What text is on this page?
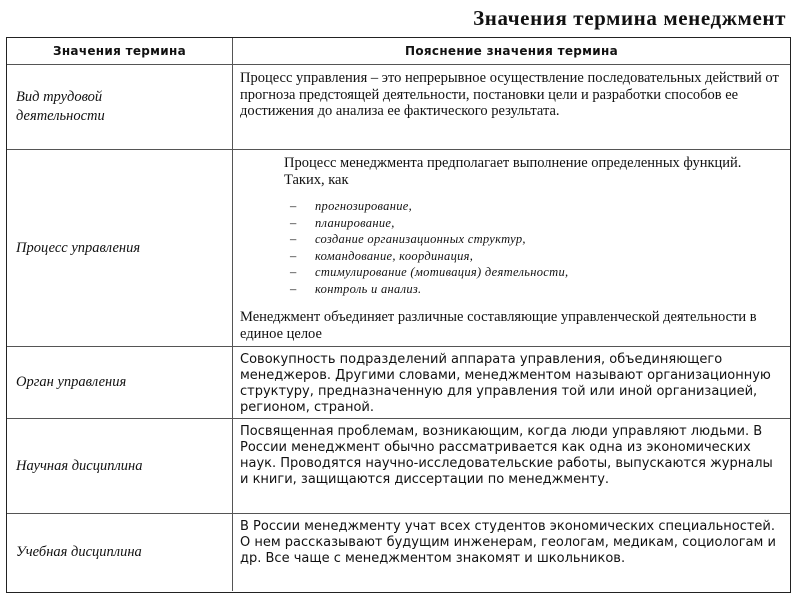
Значения термина менеджмент
Значения термина	Пояснение значения термина
Вид трудовой деятельности

Процесс управления – это непрерывное осуществление последовательных действий от прогноза предстоящей деятельности, постановки цели и разработки способов ее достижения до анализа ее фактического результата.

Процесс управления

Процесс менеджмента предполагает выполнение определенных функций. Таких, как

– прогнозирование,
– планирование,
– создание организационных структур,
– командование, координация,
– стимулирование (мотивация) деятельности,
– контроль и анализ.

Менеджмент объединяет различные составляющие управленческой деятельности в единое целое

Орган управления

Совокупность подразделений аппарата управления, объединяющего менеджеров. Другими словами, менеджментом называют организационную структуру, предназначенную для управления той или иной организацией, регионом, страной.

Научная дисциплина

Посвященная проблемам, возникающим, когда люди управляют людьми. В России менеджмент обычно рассматривается как одна из экономических наук. Проводятся научно-исследовательские работы, выпускаются журналы и книги, защищаются диссертации по менеджменту.

Учебная дисциплина

В России менеджменту учат всех студентов экономических специальностей. О нем рассказывают будущим инженерам, геологам, медикам, социологам и др. Все чаще с менеджментом знакомят и школьников.
